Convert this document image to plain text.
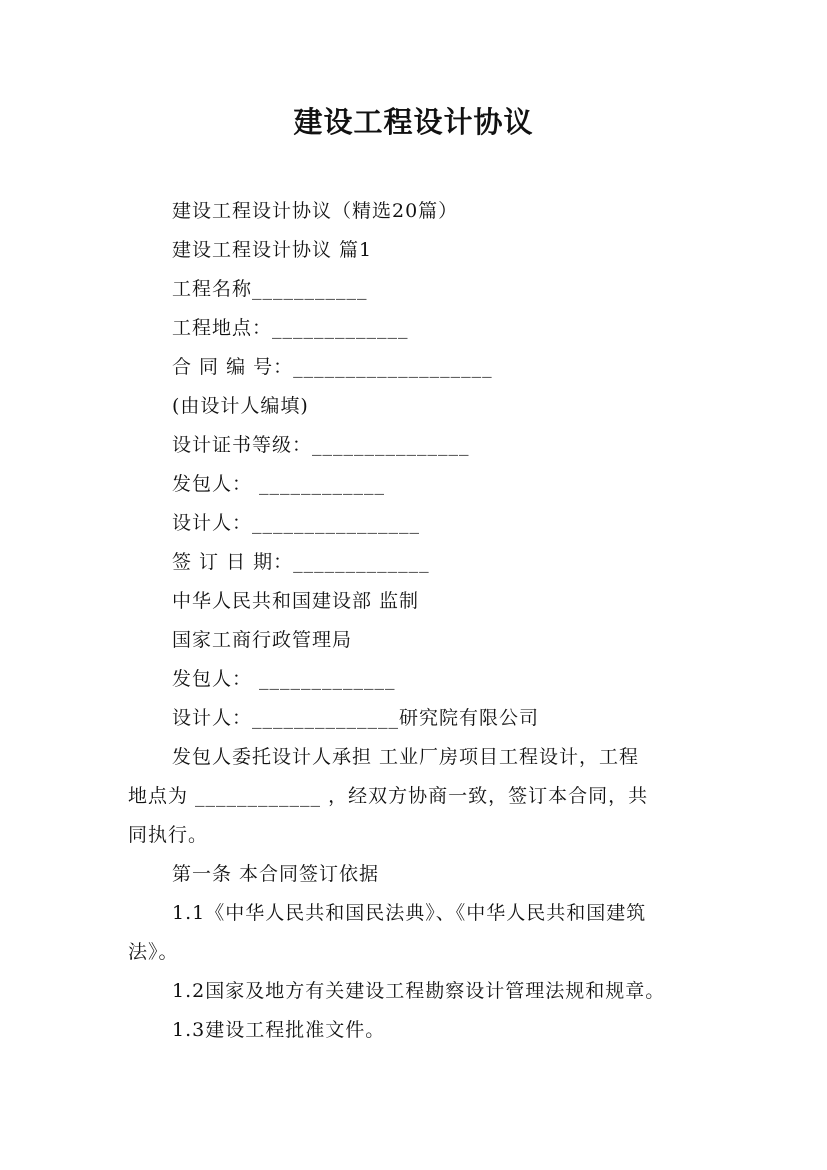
建设工程设计协议
建设工程设计协议（精选20篇）
建设工程设计协议 篇1
工程名称___________
工程地点：_____________
合 同 编 号：___________________
(由设计人编填)
设计证书等级：_______________
发包人： ____________
设计人：________________
签 订 日 期：_____________
中华人民共和国建设部 监制
国家工商行政管理局
发包人： _____________
设计人：______________研究院有限公司
发包人委托设计人承担 工业厂房项目工程设计，工程
地点为 ____________ ，经双方协商一致，签订本合同，共
同执行。
第一条 本合同签订依据
1.1《中华人民共和国民法典》、《中华人民共和国建筑
法》。
1.2国家及地方有关建设工程勘察设计管理法规和规章。
1.3建设工程批准文件。
